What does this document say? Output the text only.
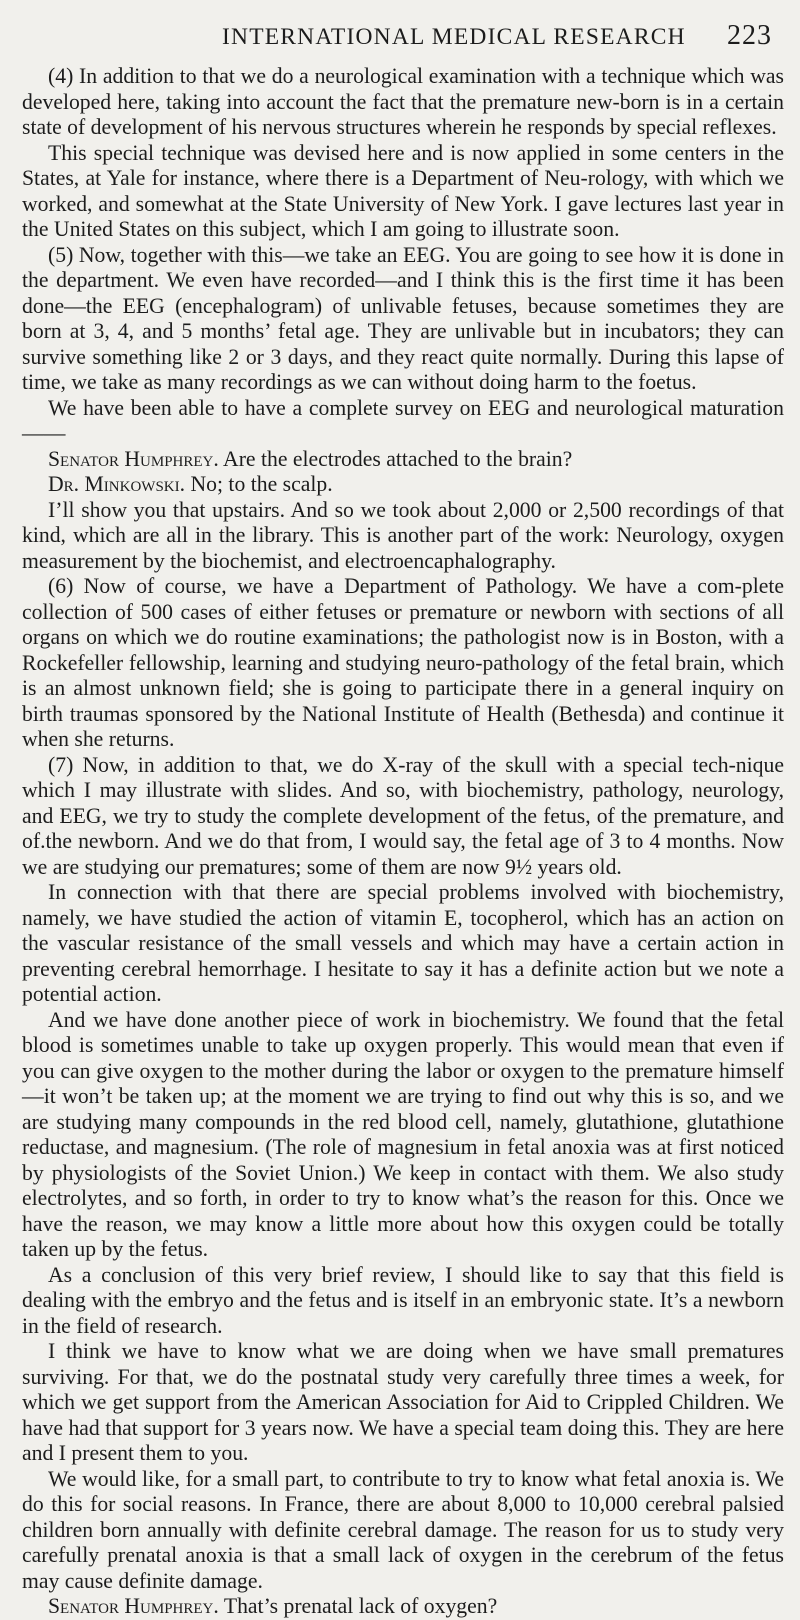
INTERNATIONAL MEDICAL RESEARCH 223

(4) In addition to that we do a neurological examination with a technique which was developed here, taking into account the fact that the premature new-born is in a certain state of development of his nervous structures wherein he responds by special reflexes.

This special technique was devised here and is now applied in some centers in the States, at Yale for instance, where there is a Department of Neu-rology, with which we worked, and somewhat at the State University of New York. I gave lectures last year in the United States on this subject, which I am going to illustrate soon.

(5) Now, together with this—we take an EEG. You are going to see how it is done in the department. We even have recorded—and I think this is the first time it has been done—the EEG (encephalogram) of unlivable fetuses, because sometimes they are born at 3, 4, and 5 months’ fetal age. They are unlivable but in incubators; they can survive something like 2 or 3 days, and they react quite normally. During this lapse of time, we take as many recordings as we can without doing harm to the foetus.

We have been able to have a complete survey on EEG and neurological maturation——

Senator Humphrey. Are the electrodes attached to the brain?

Dr. Minkowski. No; to the scalp.

I’ll show you that upstairs. And so we took about 2,000 or 2,500 recordings of that kind, which are all in the library. This is another part of the work: Neurology, oxygen measurement by the biochemist, and electroencaphalography.

(6) Now of course, we have a Department of Pathology. We have a com-plete collection of 500 cases of either fetuses or premature or newborn with sections of all organs on which we do routine examinations; the pathologist now is in Boston, with a Rockefeller fellowship, learning and studying neuro-pathology of the fetal brain, which is an almost unknown field; she is going to participate there in a general inquiry on birth traumas sponsored by the National Institute of Health (Bethesda) and continue it when she returns.

(7) Now, in addition to that, we do X-ray of the skull with a special tech-nique which I may illustrate with slides. And so, with biochemistry, pathology, neurology, and EEG, we try to study the complete development of the fetus, of the premature, and of.the newborn. And we do that from, I would say, the fetal age of 3 to 4 months. Now we are studying our prematures; some of them are now 9½ years old.

In connection with that there are special problems involved with biochemistry, namely, we have studied the action of vitamin E, tocopherol, which has an action on the vascular resistance of the small vessels and which may have a certain action in preventing cerebral hemorrhage. I hesitate to say it has a definite action but we note a potential action.

And we have done another piece of work in biochemistry. We found that the fetal blood is sometimes unable to take up oxygen properly. This would mean that even if you can give oxygen to the mother during the labor or oxygen to the premature himself—it won’t be taken up; at the moment we are trying to find out why this is so, and we are studying many compounds in the red blood cell, namely, glutathione, glutathione reductase, and magnesium. (The role of magnesium in fetal anoxia was at first noticed by physiologists of the Soviet Union.) We keep in contact with them. We also study electrolytes, and so forth, in order to try to know what’s the reason for this. Once we have the reason, we may know a little more about how this oxygen could be totally taken up by the fetus.

As a conclusion of this very brief review, I should like to say that this field is dealing with the embryo and the fetus and is itself in an embryonic state. It’s a newborn in the field of research.

I think we have to know what we are doing when we have small prematures surviving. For that, we do the postnatal study very carefully three times a week, for which we get support from the American Association for Aid to Crippled Children. We have had that support for 3 years now. We have a special team doing this. They are here and I present them to you.

We would like, for a small part, to contribute to try to know what fetal anoxia is. We do this for social reasons. In France, there are about 8,000 to 10,000 cerebral palsied children born annually with definite cerebral damage. The reason for us to study very carefully prenatal anoxia is that a small lack of oxygen in the cerebrum of the fetus may cause definite damage.

Senator Humphrey. That’s prenatal lack of oxygen?
